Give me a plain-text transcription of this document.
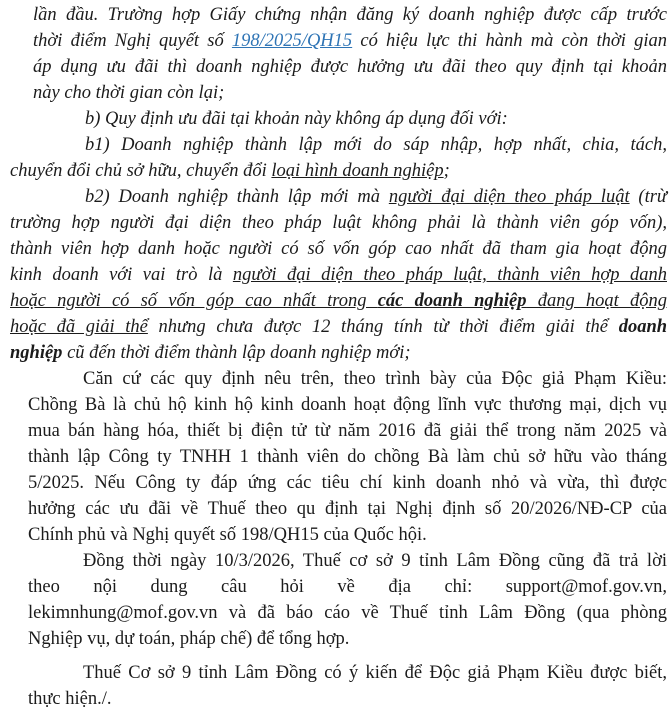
lần đầu. Trường hợp Giấy chứng nhận đăng ký doanh nghiệp được cấp trước
thời điểm Nghị quyết số 198/2025/QH15 có hiệu lực thi hành mà còn thời gian
áp dụng ưu đãi thì doanh nghiệp được hưởng ưu đãi theo quy định tại khoản
này cho thời gian còn lại;
b) Quy định ưu đãi tại khoản này không áp dụng đối với:
b1) Doanh nghiệp thành lập mới do sáp nhập, hợp nhất, chia, tách,
chuyển đổi chủ sở hữu, chuyển đổi loại hình doanh nghiệp;
b2) Doanh nghiệp thành lập mới mà người đại diện theo pháp luật (trừ
trường hợp người đại diện theo pháp luật không phải là thành viên góp vốn),
thành viên hợp danh hoặc người có số vốn góp cao nhất đã tham gia hoạt động
kinh doanh với vai trò là người đại diện theo pháp luật, thành viên hợp danh
hoặc người có số vốn góp cao nhất trong các doanh nghiệp đang hoạt động
hoặc đã giải thể nhưng chưa được 12 tháng tính từ thời điểm giải thể doanh
nghiệp cũ đến thời điểm thành lập doanh nghiệp mới;
Căn cứ các quy định nêu trên, theo trình bày của Độc giả Phạm Kiều:
Chồng Bà là chủ hộ kinh hộ kinh doanh hoạt động lĩnh vực thương mại, dịch vụ
mua bán hàng hóa, thiết bị điện tử từ năm 2016 đã giải thể trong năm 2025 và
thành lập Công ty TNHH 1 thành viên do chồng Bà làm chủ sở hữu vào tháng
5/2025. Nếu Công ty đáp ứng các tiêu chí kinh doanh nhỏ và vừa, thì được
hưởng các ưu đãi về Thuế theo qu định tại Nghị định số 20/2026/NĐ-CP của
Chính phủ và Nghị quyết số 198/QH15 của Quốc hội.
Đồng thời ngày 10/3/2026, Thuế cơ sở 9 tỉnh Lâm Đồng cũng đã trả lời
theo nội dung câu hỏi về địa chỉ: support@mof.gov.vn,
lekimnhung@mof.gov.vn và đã báo cáo về Thuế tỉnh Lâm Đồng (qua phòng
Nghiệp vụ, dự toán, pháp chế) để tổng hợp.
Thuế Cơ sở 9 tỉnh Lâm Đồng có ý kiến để Độc giả Phạm Kiều được biết,
thực hiện./.
